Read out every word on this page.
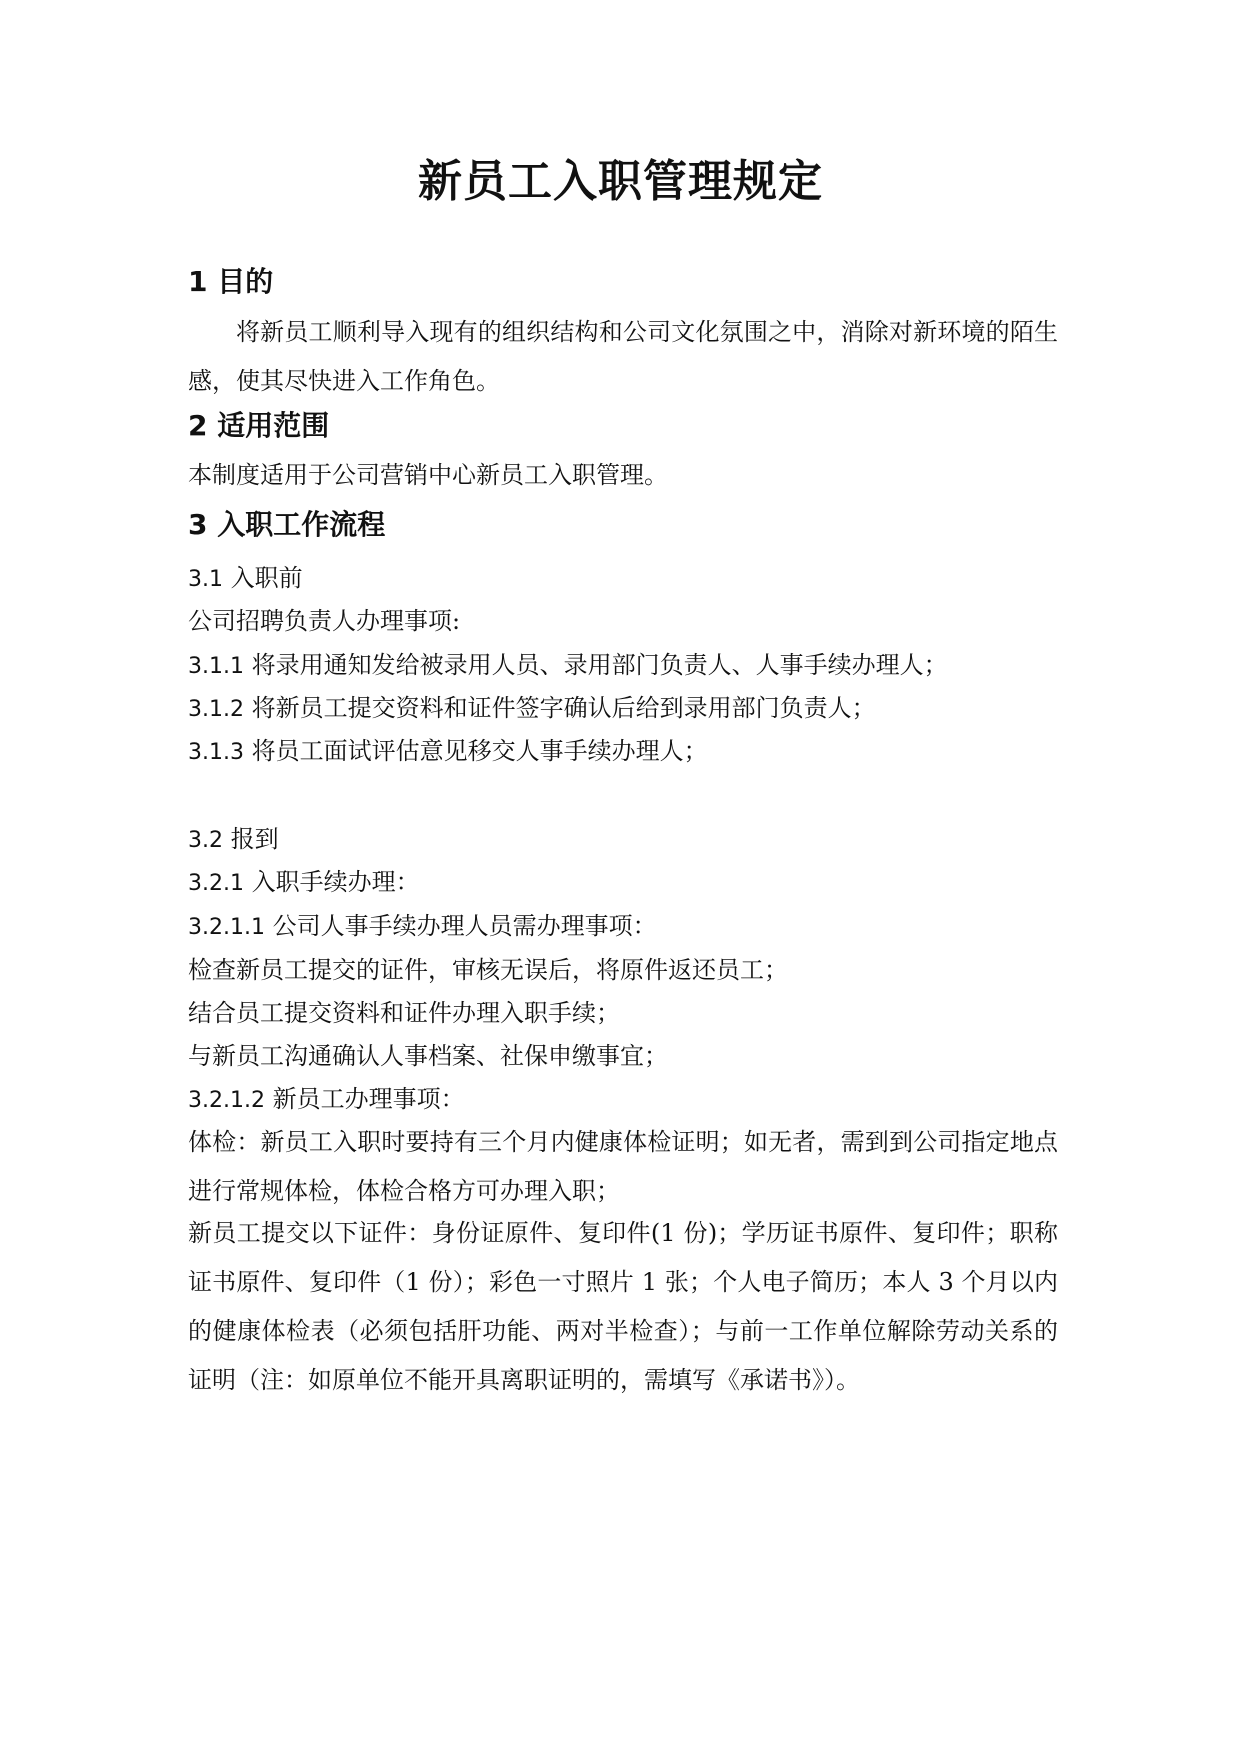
新员工入职管理规定
1 目的

将新员工顺利导入现有的组织结构和公司文化氛围之中，消除对新环境的陌生感，使其尽快进入工作角色。

2 适用范围

本制度适用于公司营销中心新员工入职管理。

3 入职工作流程

3.1 入职前

公司招聘负责人办理事项:

3.1.1 将录用通知发给被录用人员、录用部门负责人、人事手续办理人；

3.1.2 将新员工提交资料和证件签字确认后给到录用部门负责人；

3.1.3 将员工面试评估意见移交人事手续办理人；

3.2 报到

3.2.1 入职手续办理：

3.2.1.1 公司人事手续办理人员需办理事项：

检查新员工提交的证件，审核无误后，将原件返还员工；

结合员工提交资料和证件办理入职手续；

与新员工沟通确认人事档案、社保申缴事宜；

3.2.1.2 新员工办理事项：

体检：新员工入职时要持有三个月内健康体检证明；如无者，需到到公司指定地点进行常规体检，体检合格方可办理入职；

新员工提交以下证件：身份证原件、复印件(1 份)；学历证书原件、复印件；职称证书原件、复印件（1 份）；彩色一寸照片 1 张；个人电子简历；本人 3 个月以内的健康体检表（必须包括肝功能、两对半检查）；与前一工作单位解除劳动关系的证明（注：如原单位不能开具离职证明的，需填写《承诺书》）。
